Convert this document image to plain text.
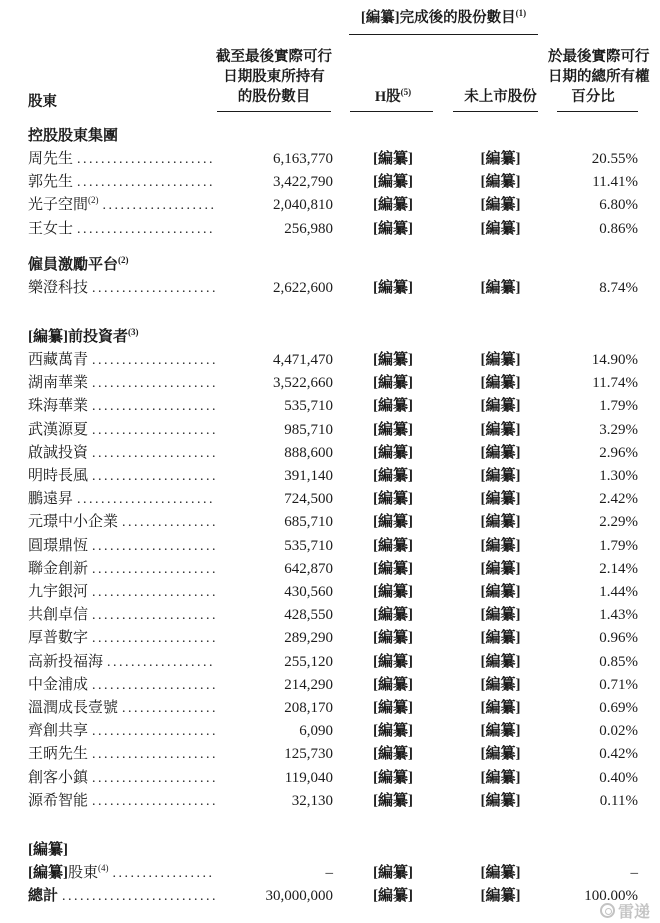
[編纂]完成後的股份數目$^{(1)}$
股東
截至最後實際可行
日期股東所持有
的股份數目	H股$^{(5)}$	未上市股份
於最後實際可行
日期的總所有權
百分比
控股股東集團
周先生 .....	6,163,770	[編纂]	[編纂]	20.55%
郭先生 .....	3,422,790	[編纂]	[編纂]	11.41%
光子空間$^{(2)}$ .....	2,040,810	[編纂]	[編纂]	6.80%
王女士 .....	256,980	[編纂]	[編纂]	0.86%
僱員激勵平台$^{(2)}$
樂澄科技 .....	2,622,600	[編纂]	[編纂]	8.74%
[編纂]前投資者$^{(3)}$
西藏萬青 .....	4,471,470	[編纂]	[編纂]	14.90%
湖南華業 .....	3,522,660	[編纂]	[編纂]	11.74%
珠海華業 .....	535,710	[編纂]	[編纂]	1.79%
武漢源夏 .....	985,710	[編纂]	[編纂]	3.29%
啟誠投資 .....	888,600	[編纂]	[編纂]	2.96%
明時長風 .....	391,140	[編纂]	[編纂]	1.30%
鵬遠昇 .....	724,500	[編纂]	[編纂]	2.42%
元璟中小企業 .....	685,710	[編纂]	[編纂]	2.29%
圓璟鼎恆 .....	535,710	[編纂]	[編纂]	1.79%
聯金創新 .....	642,870	[編纂]	[編纂]	2.14%
九宇銀河 .....	430,560	[編纂]	[編纂]	1.44%
共創卓信 .....	428,550	[編纂]	[編纂]	1.43%
厚普數字 .....	289,290	[編纂]	[編纂]	0.96%
高新投福海 .....	255,120	[編纂]	[編纂]	0.85%
中金浦成 .....	214,290	[編纂]	[編纂]	0.71%
溫潤成長壹號 .....	208,170	[編纂]	[編纂]	0.69%
齊創共享 .....	6,090	[編纂]	[編纂]	0.02%
王昞先生 .....	125,730	[編纂]	[編纂]	0.42%
創客小鎮 .....	119,040	[編纂]	[編纂]	0.40%
源希智能 .....	32,130	[編纂]	[編纂]	0.11%
[編纂]
[編纂]股東$^{(4)}$ .....	–	[編纂]	[編纂]	–
總計 .....	30,000,000	[編纂]	[編纂]	100.00%
雷递
